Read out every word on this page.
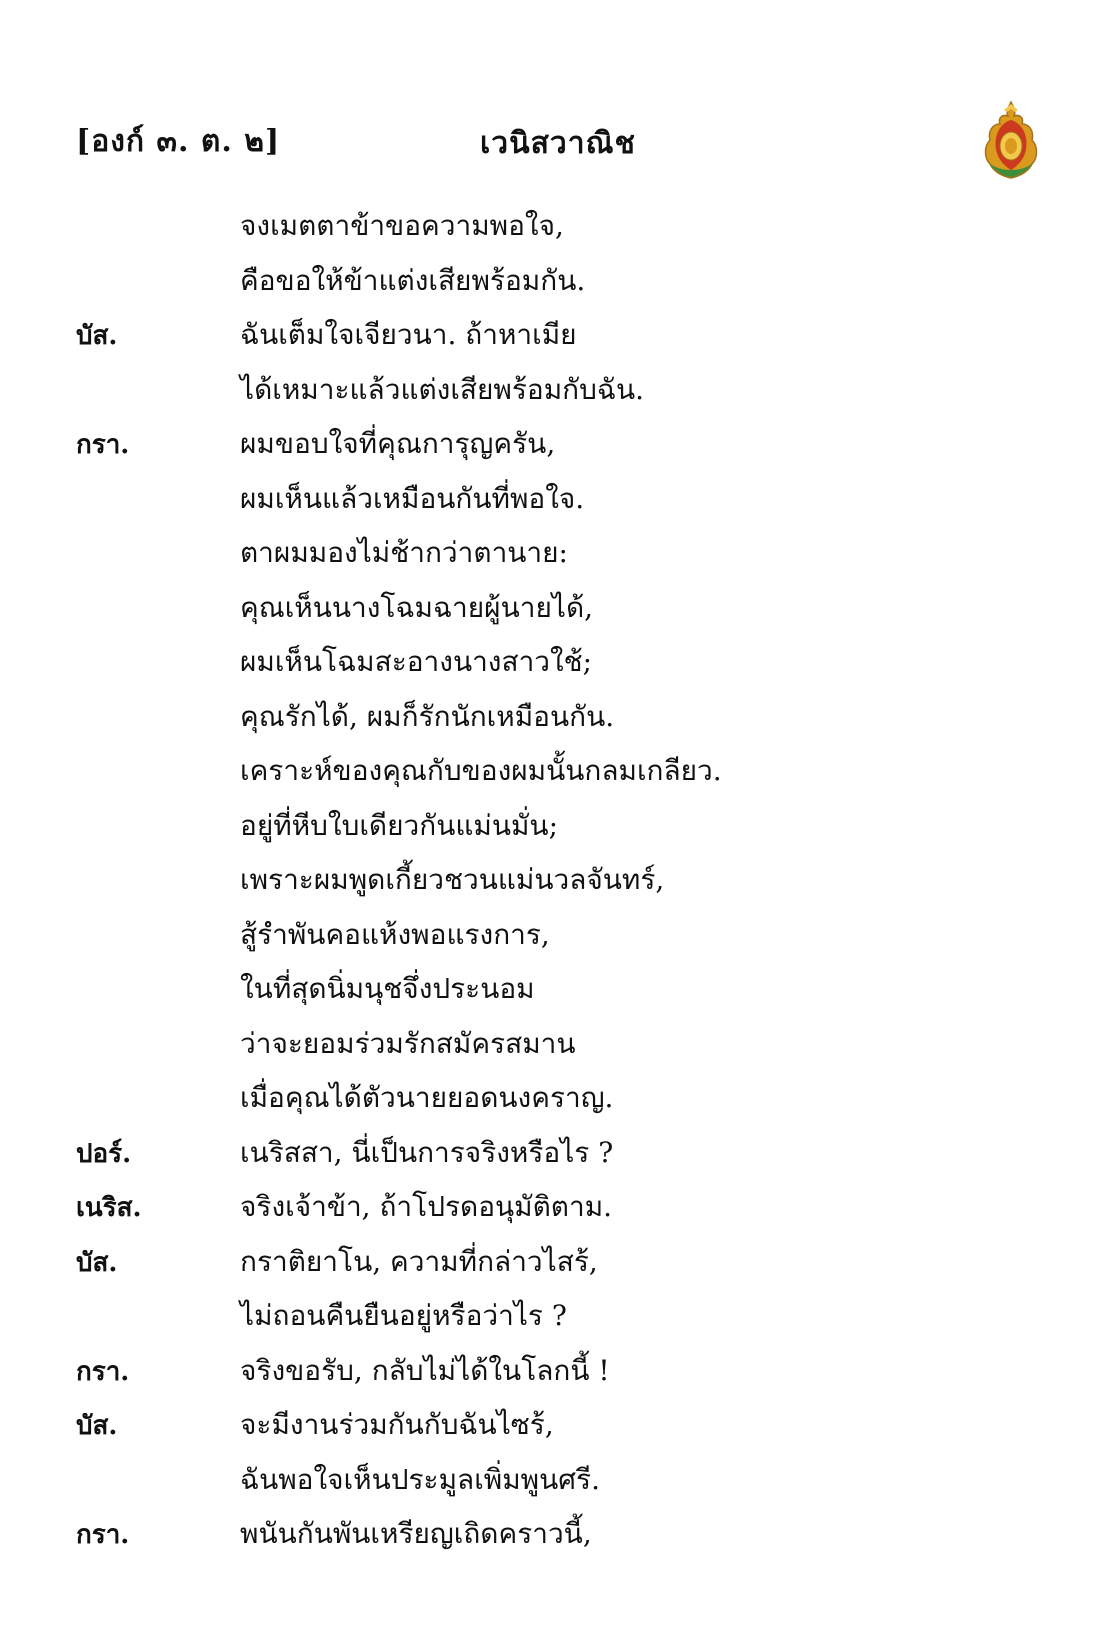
[องก์ ๓. ต. ๒]	เวนิสวาณิช
จงเมตตาข้าขอความพอใจ,
คือขอให้ข้าแต่งเสียพร้อมกัน.
บัส.	ฉันเต็มใจเจียวนา. ถ้าหาเมีย
ได้เหมาะแล้วแต่งเสียพร้อมกับฉัน.
กรา.	ผมขอบใจที่คุณการุญครัน,
ผมเห็นแล้วเหมือนกันที่พอใจ.
ตาผมมองไม่ช้ากว่าตานาย:
คุณเห็นนางโฉมฉายผู้นายได้,
ผมเห็นโฉมสะอางนางสาวใช้;
คุณรักได้, ผมก็รักนักเหมือนกัน.
เคราะห์ของคุณกับของผมนั้นกลมเกลียว.
อยู่ที่หีบใบเดียวกันแม่นมั่น;
เพราะผมพูดเกี้ยวชวนแม่นวลจันทร์,
สู้รำพันคอแห้งพอแรงการ,
ในที่สุดนิ่มนุชจึ่งประนอม
ว่าจะยอมร่วมรักสมัครสมาน
เมื่อคุณได้ตัวนายยอดนงคราญ.
ปอร์.	เนริสสา, นี่เป็นการจริงหรือไร ?
เนริส.	จริงเจ้าข้า, ถ้าโปรดอนุมัติตาม.
บัส.	กราติยาโน, ความที่กล่าวไสร้,
ไม่ถอนคืนยืนอยู่หรือว่าไร ?
กรา.	จริงขอรับ, กลับไม่ได้ในโลกนี้ !
บัส.	จะมีงานร่วมกันกับฉันไซร้,
ฉันพอใจเห็นประมูลเพิ่มพูนศรี.
กรา.	พนันกันพันเหรียญเถิดคราวนี้,
